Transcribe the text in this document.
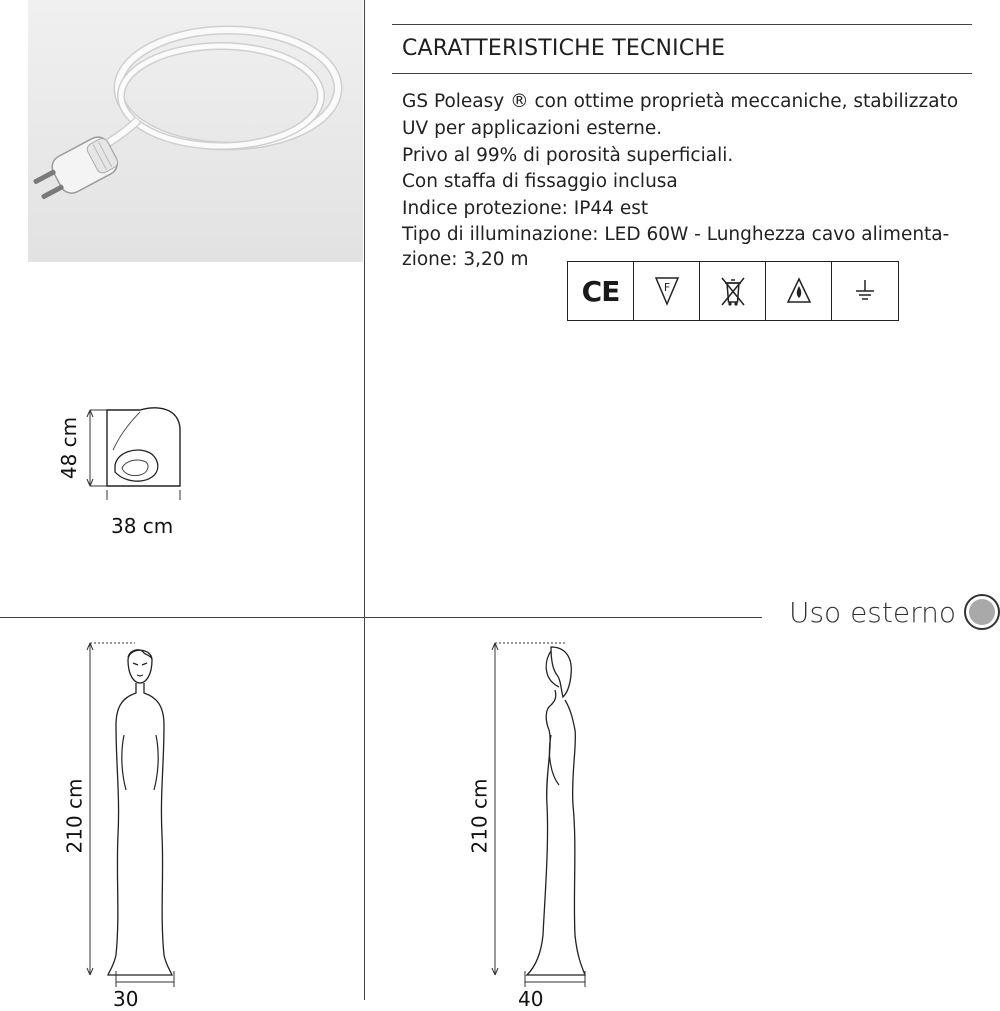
CARATTERISTICHE TECNICHE
GS Poleasy ® con ottime proprietà meccaniche, stabilizzato
UV per applicazioni esterne.
Privo al 99% di porosità superficiali.
Con staffa di fissaggio inclusa
Indice protezione: IP44 est
Tipo di illuminazione: LED 60W - Lunghezza cavo alimenta-
zione: 3,20 m
CE	F
48 cm
38 cm
Uso esterno
210 cm
30
210 cm
40
